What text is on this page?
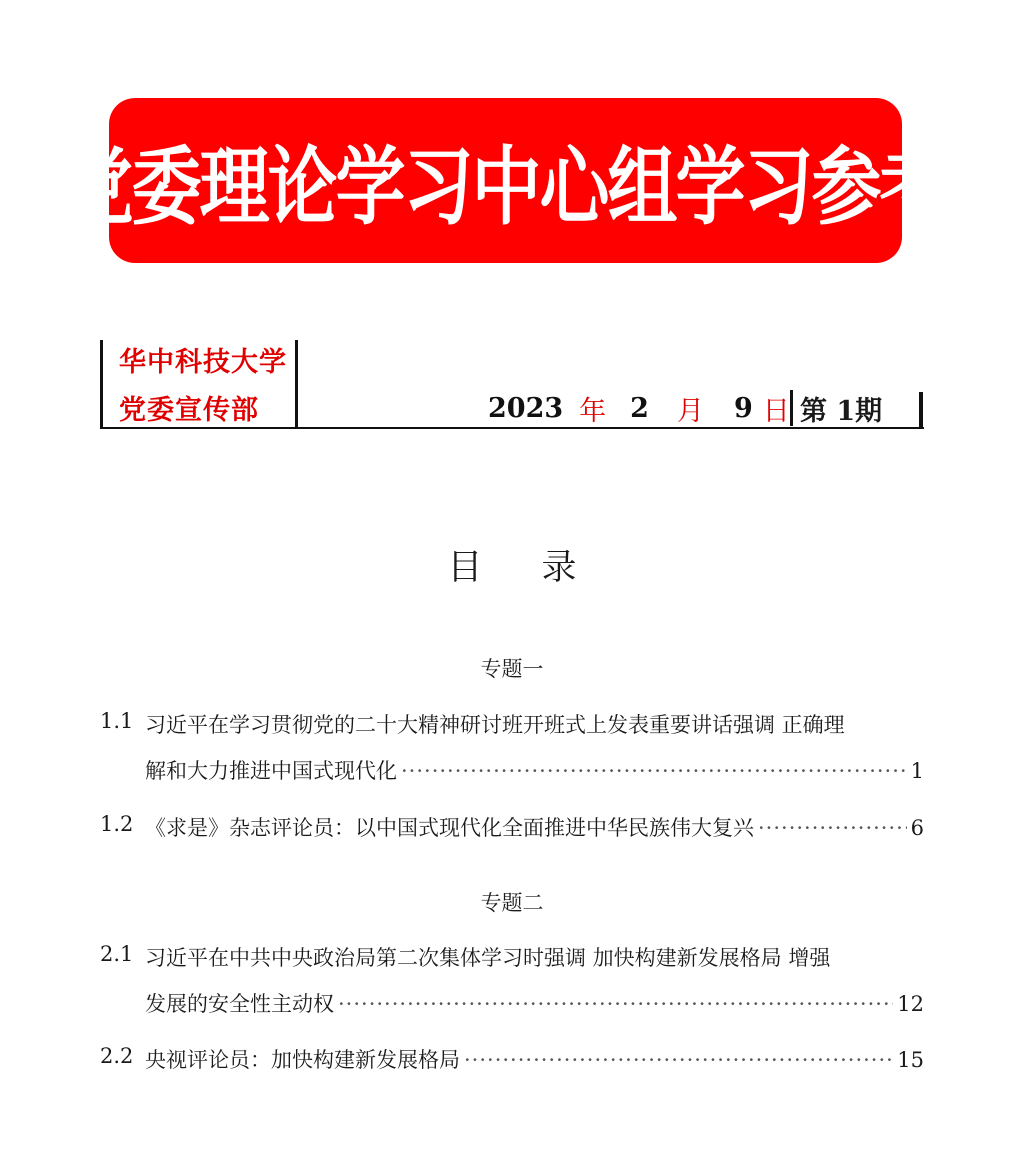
党委理论学习中心组学习参考
华中科技大学
党委宣传部	2023 年 2 月 9 日 第 1期
目 录
专题一
1.1 习近平在学习贯彻党的二十大精神研讨班开班式上发表重要讲话强调 正确理
解和大力推进中国式现代化 ·····	1
1.2 《求是》杂志评论员：以中国式现代化全面推进中华民族伟大复兴 ·····	6
专题二
2.1 习近平在中共中央政治局第二次集体学习时强调 加快构建新发展格局 增强
发展的安全性主动权 ·····	12
2.2 央视评论员：加快构建新发展格局 ·····	15
